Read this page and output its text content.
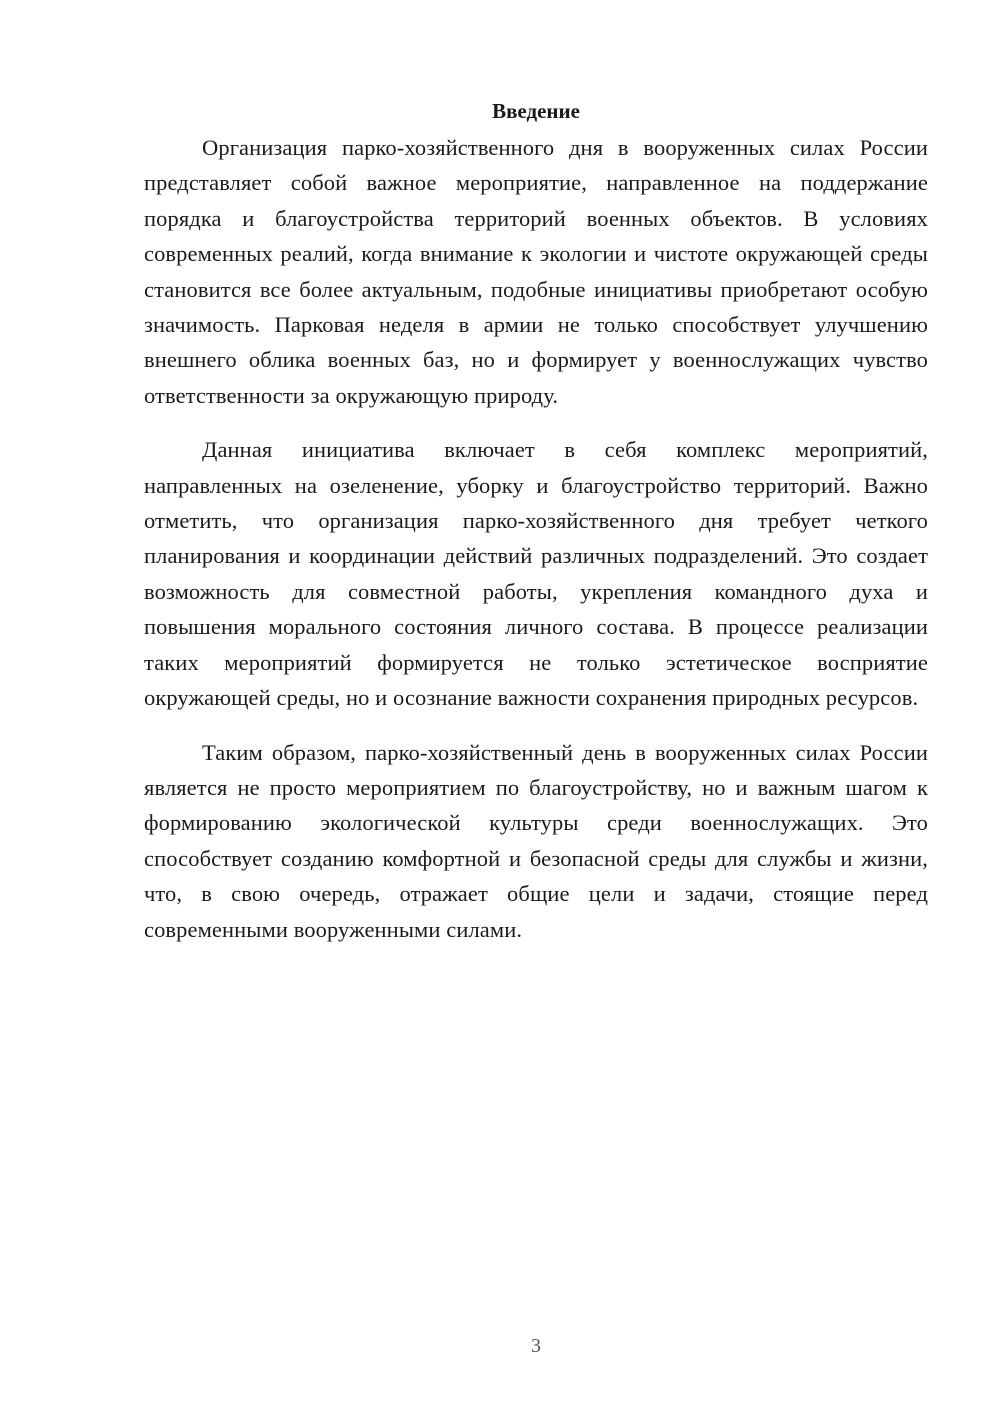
Введение

Организация парко-хозяйственного дня в вооруженных силах России представляет собой важное мероприятие, направленное на поддержание порядка и благоустройства территорий военных объектов. В условиях современных реалий, когда внимание к экологии и чистоте окружающей среды становится все более актуальным, подобные инициативы приобретают особую значимость. Парковая неделя в армии не только способствует улучшению внешнего облика военных баз, но и формирует у военнослужащих чувство ответственности за окружающую природу.

Данная инициатива включает в себя комплекс мероприятий, направленных на озеленение, уборку и благоустройство территорий. Важно отметить, что организация парко-хозяйственного дня требует четкого планирования и координации действий различных подразделений. Это создает возможность для совместной работы, укрепления командного духа и повышения морального состояния личного состава. В процессе реализации таких мероприятий формируется не только эстетическое восприятие окружающей среды, но и осознание важности сохранения природных ресурсов.

Таким образом, парко-хозяйственный день в вооруженных силах России является не просто мероприятием по благоустройству, но и важным шагом к формированию экологической культуры среди военнослужащих. Это способствует созданию комфортной и безопасной среды для службы и жизни, что, в свою очередь, отражает общие цели и задачи, стоящие перед современными вооруженными силами.

3
